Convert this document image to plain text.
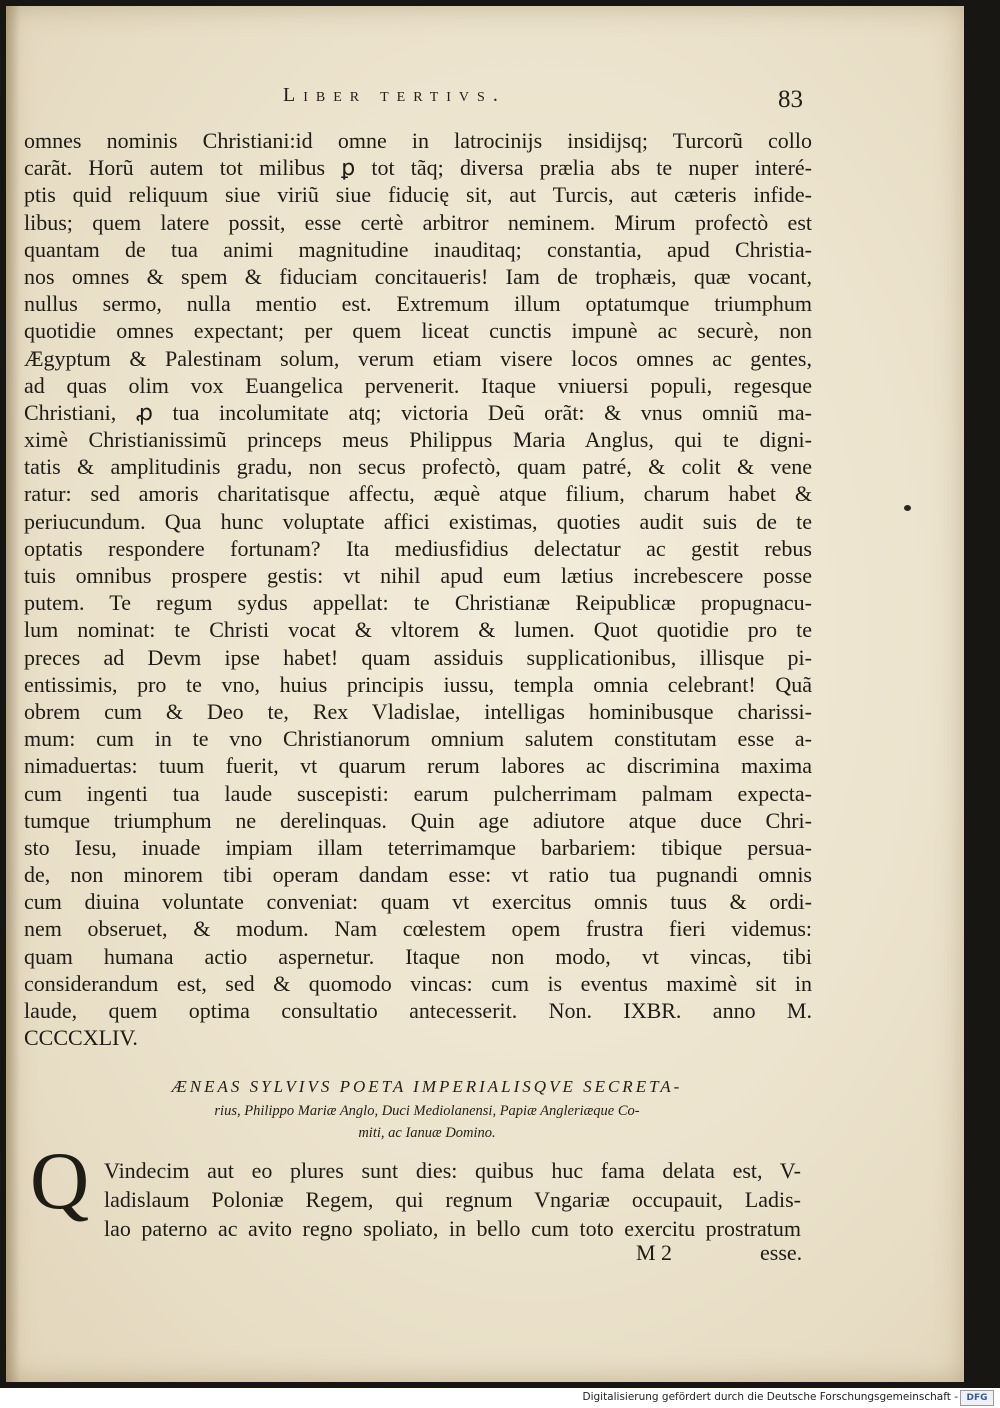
Liber tertivs.	83
omnes nominis Christiani:id omne in latrocinijs insidijsq; Turcorũ collo
carãt. Horũ autem tot milibus ꝑ tot tãq; diversa prælia abs te nuper interé-
ptis quid reliquum siue viriũ siue fiducię sit, aut Turcis, aut cæteris infide-
libus; quem latere possit, esse certè arbitror neminem. Mirum profectò est
quantam de tua animi magnitudine inauditaq; constantia, apud Christia-
nos omnes & spem & fiduciam concitaueris! Iam de trophæis, quæ vocant,
nullus sermo, nulla mentio est. Extremum illum optatumque triumphum
quotidie omnes expectant; per quem liceat cunctis impunè ac securè, non
Ægyptum & Palestinam solum, verum etiam visere locos omnes ac gentes,
ad quas olim vox Euangelica pervenerit. Itaque vniuersi populi, regesque
Christiani, ꝓ tua incolumitate atq; victoria Deũ orãt: & vnus omniũ ma-
ximè Christianissimũ princeps meus Philippus Maria Anglus, qui te digni-
tatis & amplitudinis gradu, non secus profectò, quam patré, & colit & vene
ratur: sed amoris charitatisque affectu, æquè atque filium, charum habet &
periucundum. Qua hunc voluptate affici existimas, quoties audit suis de te
optatis respondere fortunam? Ita mediusfidius delectatur ac gestit rebus
tuis omnibus prospere gestis: vt nihil apud eum lætius increbescere posse
putem. Te regum sydus appellat: te Christianæ Reipublicæ propugnacu-
lum nominat: te Christi vocat & vltorem & lumen. Quot quotidie pro te
preces ad Devm ipse habet! quam assiduis supplicationibus, illisque pi-
entissimis, pro te vno, huius principis iussu, templa omnia celebrant! Quã
obrem cum & Deo te, Rex Vladislae, intelligas hominibusque charissi-
mum: cum in te vno Christianorum omnium salutem constitutam esse a-
nimaduertas: tuum fuerit, vt quarum rerum labores ac discrimina maxima
cum ingenti tua laude suscepisti: earum pulcherrimam palmam expecta-
tumque triumphum ne derelinquas. Quin age adiutore atque duce Chri-
sto Iesu, inuade impiam illam teterrimamque barbariem: tibique persua-
de, non minorem tibi operam dandam esse: vt ratio tua pugnandi omnis
cum diuina voluntate conveniat: quam vt exercitus omnis tuus & ordi-
nem obseruet, & modum. Nam cœlestem opem frustra fieri videmus:
quam humana actio aspernetur. Itaque non modo, vt vincas, tibi
considerandum est, sed & quomodo vincas: cum is eventus maximè sit in
laude, quem optima consultatio antecesserit. Non. IXBR. anno M.
CCCCXLIV.
ÆNEAS SYLVIVS POETA IMPERIALISQVE SECRETA-
rius, Philippo Mariæ Anglo, Duci Mediolanensi, Papiæ Angleriæque Co-
miti, ac Ianuæ Domino.
Q Vindecim aut eo plures sunt dies: quibus huc fama delata est, V-
ladislaum Poloniæ Regem, qui regnum Vngariæ occupauit, Ladis-
lao paterno ac avito regno spoliato, in bello cum toto exercitu prostratum
M 2	esse.
Digitalisierung gefördert durch die Deutsche Forschungsgemeinschaft - DFG
